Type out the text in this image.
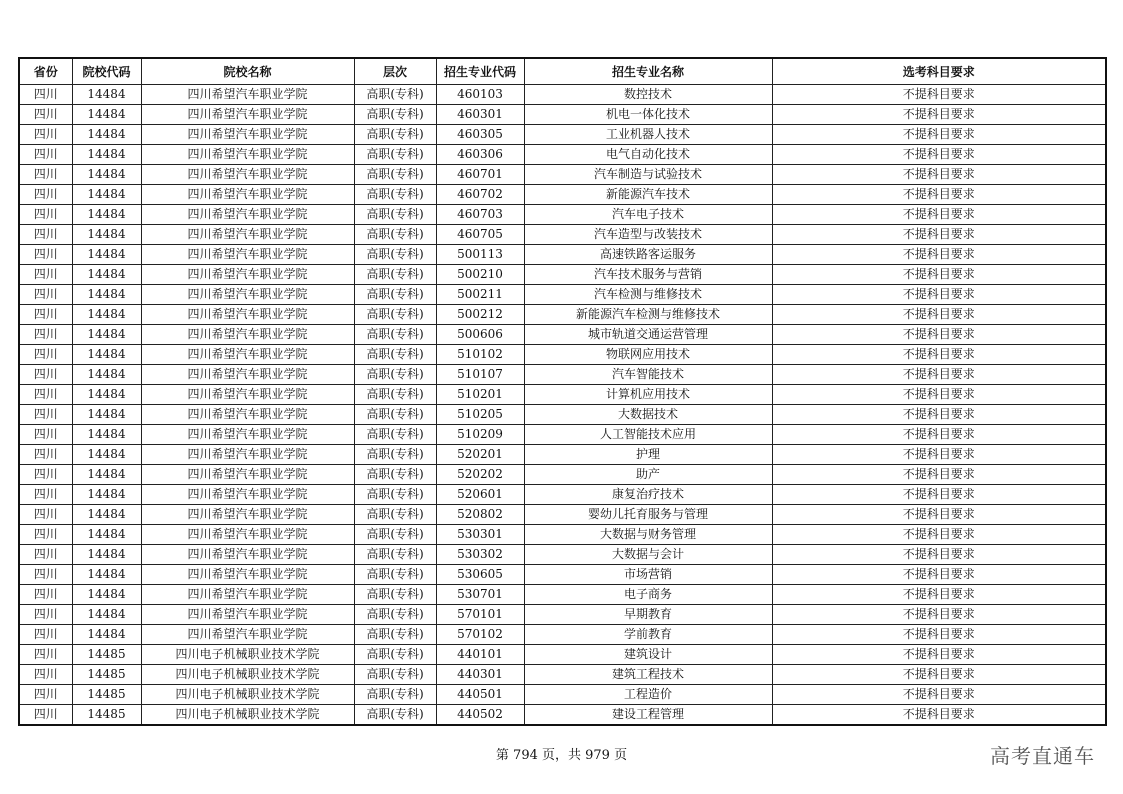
省份	院校代码	院校名称	层次	招生专业代码	招生专业名称	选考科目要求
四川	14484	四川希望汽车职业学院	高职(专科)	460103	数控技术	不提科目要求
四川	14484	四川希望汽车职业学院	高职(专科)	460301	机电一体化技术	不提科目要求
四川	14484	四川希望汽车职业学院	高职(专科)	460305	工业机器人技术	不提科目要求
四川	14484	四川希望汽车职业学院	高职(专科)	460306	电气自动化技术	不提科目要求
四川	14484	四川希望汽车职业学院	高职(专科)	460701	汽车制造与试验技术	不提科目要求
四川	14484	四川希望汽车职业学院	高职(专科)	460702	新能源汽车技术	不提科目要求
四川	14484	四川希望汽车职业学院	高职(专科)	460703	汽车电子技术	不提科目要求
四川	14484	四川希望汽车职业学院	高职(专科)	460705	汽车造型与改装技术	不提科目要求
四川	14484	四川希望汽车职业学院	高职(专科)	500113	高速铁路客运服务	不提科目要求
四川	14484	四川希望汽车职业学院	高职(专科)	500210	汽车技术服务与营销	不提科目要求
四川	14484	四川希望汽车职业学院	高职(专科)	500211	汽车检测与维修技术	不提科目要求
四川	14484	四川希望汽车职业学院	高职(专科)	500212	新能源汽车检测与维修技术	不提科目要求
四川	14484	四川希望汽车职业学院	高职(专科)	500606	城市轨道交通运营管理	不提科目要求
四川	14484	四川希望汽车职业学院	高职(专科)	510102	物联网应用技术	不提科目要求
四川	14484	四川希望汽车职业学院	高职(专科)	510107	汽车智能技术	不提科目要求
四川	14484	四川希望汽车职业学院	高职(专科)	510201	计算机应用技术	不提科目要求
四川	14484	四川希望汽车职业学院	高职(专科)	510205	大数据技术	不提科目要求
四川	14484	四川希望汽车职业学院	高职(专科)	510209	人工智能技术应用	不提科目要求
四川	14484	四川希望汽车职业学院	高职(专科)	520201	护理	不提科目要求
四川	14484	四川希望汽车职业学院	高职(专科)	520202	助产	不提科目要求
四川	14484	四川希望汽车职业学院	高职(专科)	520601	康复治疗技术	不提科目要求
四川	14484	四川希望汽车职业学院	高职(专科)	520802	婴幼儿托育服务与管理	不提科目要求
四川	14484	四川希望汽车职业学院	高职(专科)	530301	大数据与财务管理	不提科目要求
四川	14484	四川希望汽车职业学院	高职(专科)	530302	大数据与会计	不提科目要求
四川	14484	四川希望汽车职业学院	高职(专科)	530605	市场营销	不提科目要求
四川	14484	四川希望汽车职业学院	高职(专科)	530701	电子商务	不提科目要求
四川	14484	四川希望汽车职业学院	高职(专科)	570101	早期教育	不提科目要求
四川	14484	四川希望汽车职业学院	高职(专科)	570102	学前教育	不提科目要求
四川	14485	四川电子机械职业技术学院	高职(专科)	440101	建筑设计	不提科目要求
四川	14485	四川电子机械职业技术学院	高职(专科)	440301	建筑工程技术	不提科目要求
四川	14485	四川电子机械职业技术学院	高职(专科)	440501	工程造价	不提科目要求
四川	14485	四川电子机械职业技术学院	高职(专科)	440502	建设工程管理	不提科目要求
第 794 页，共 979 页	高考直通车
